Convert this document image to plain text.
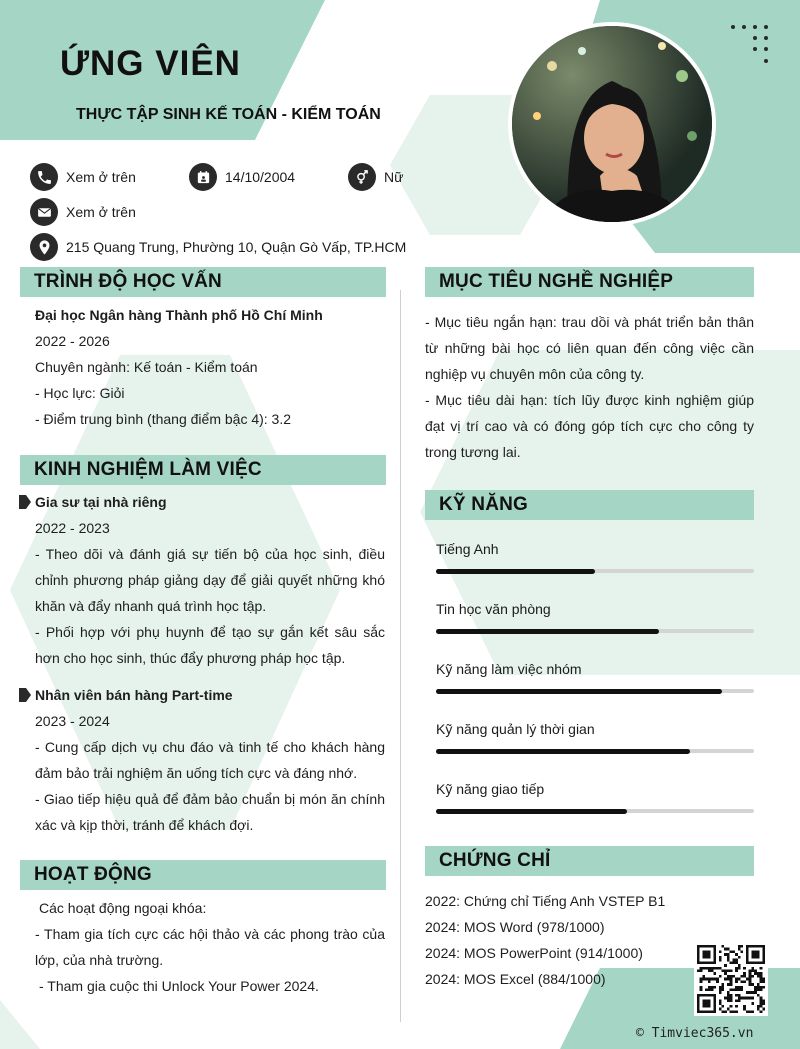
ỨNG VIÊN
THỰC TẬP SINH KẾ TOÁN - KIỂM TOÁN
Xem ở trên	14/10/2004	Nữ
Xem ở trên
215 Quang Trung, Phường 10, Quận Gò Vấp, TP.HCM
TRÌNH ĐỘ HỌC VẤN
Đại học Ngân hàng Thành phố Hồ Chí Minh
2022 - 2026
Chuyên ngành: Kế toán - Kiểm toán
- Học lực: Giỏi
- Điểm trung bình (thang điểm bậc 4): 3.2
KINH NGHIỆM LÀM VIỆC
Gia sư tại nhà riêng
2022 - 2023
- Theo dõi và đánh giá sự tiến bộ của học sinh, điều chỉnh phương pháp giảng dạy để giải quyết những khó khăn và đẩy nhanh quá trình học tập.
- Phối hợp với phụ huynh để tạo sự gắn kết sâu sắc hơn cho học sinh, thúc đẩy phương pháp học tập.
Nhân viên bán hàng Part-time
2023 - 2024
- Cung cấp dịch vụ chu đáo và tinh tế cho khách hàng đảm bảo trải nghiệm ăn uống tích cực và đáng nhớ.
- Giao tiếp hiệu quả để đảm bảo chuẩn bị món ăn chính xác và kịp thời, tránh để khách đợi.
HOẠT ĐỘNG
Các hoạt động ngoại khóa:
- Tham gia tích cực các hội thảo và các phong trào của lớp, của nhà trường.
- Tham gia cuộc thi Unlock Your Power 2024.
MỤC TIÊU NGHỀ NGHIỆP
- Mục tiêu ngắn hạn: trau dồi và phát triển bản thân từ những bài học có liên quan đến công việc cần nghiệp vụ chuyên môn của công ty.
- Mục tiêu dài hạn: tích lũy được kinh nghiệm giúp đạt vị trí cao và có đóng góp tích cực cho công ty trong tương lai.
KỸ NĂNG
Tiếng Anh
Tin học văn phòng
Kỹ năng làm việc nhóm
Kỹ năng quản lý thời gian
Kỹ năng giao tiếp
CHỨNG CHỈ
2022: Chứng chỉ Tiếng Anh VSTEP B1
2024: MOS Word (978/1000)
2024: MOS PowerPoint (914/1000)
2024: MOS Excel (884/1000)
© Timviec365.vn
